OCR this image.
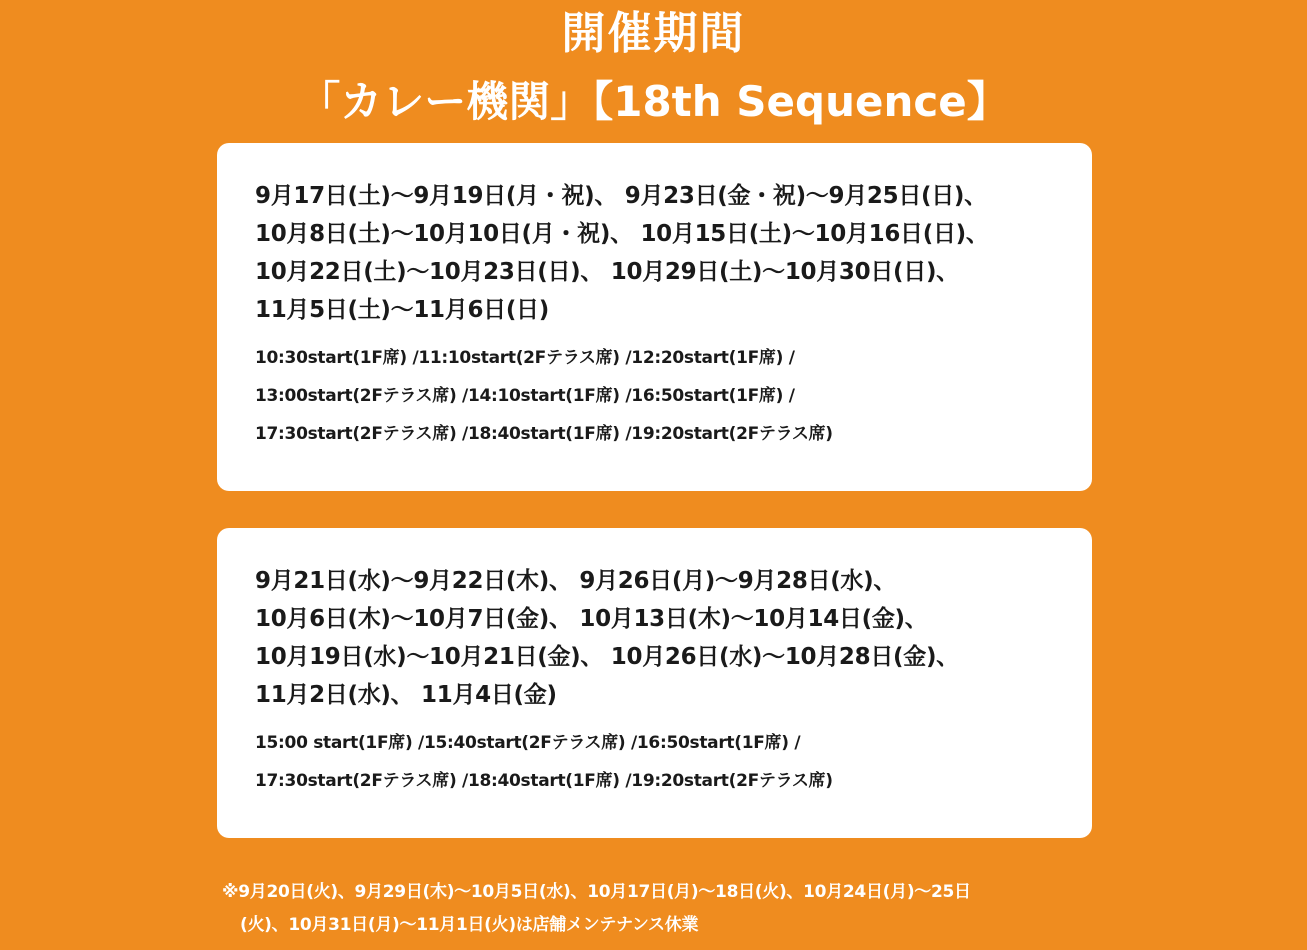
開催期間
「カレー機関」【18th Sequence】
9月17日(土)〜9月19日(月・祝)、 9月23日(金・祝)〜9月25日(日)、
10月8日(土)〜10月10日(月・祝)、 10月15日(土)〜10月16日(日)、
10月22日(土)〜10月23日(日)、 10月29日(土)〜10月30日(日)、
11月5日(土)〜11月6日(日)
10:30start(1F席) /11:10start(2Fテラス席) /12:20start(1F席) /
13:00start(2Fテラス席) /14:10start(1F席) /16:50start(1F席) /
17:30start(2Fテラス席) /18:40start(1F席) /19:20start(2Fテラス席)
9月21日(水)〜9月22日(木)、 9月26日(月)〜9月28日(水)、
10月6日(木)〜10月7日(金)、 10月13日(木)〜10月14日(金)、
10月19日(水)〜10月21日(金)、 10月26日(水)〜10月28日(金)、
11月2日(水)、 11月4日(金)
15:00 start(1F席) /15:40start(2Fテラス席) /16:50start(1F席) /
17:30start(2Fテラス席) /18:40start(1F席) /19:20start(2Fテラス席)
※9月20日(火)、9月29日(木)〜10月5日(水)、10月17日(月)〜18日(火)、10月24日(月)〜25日
(火)、10月31日(月)〜11月1日(火)は店舗メンテナンス休業
